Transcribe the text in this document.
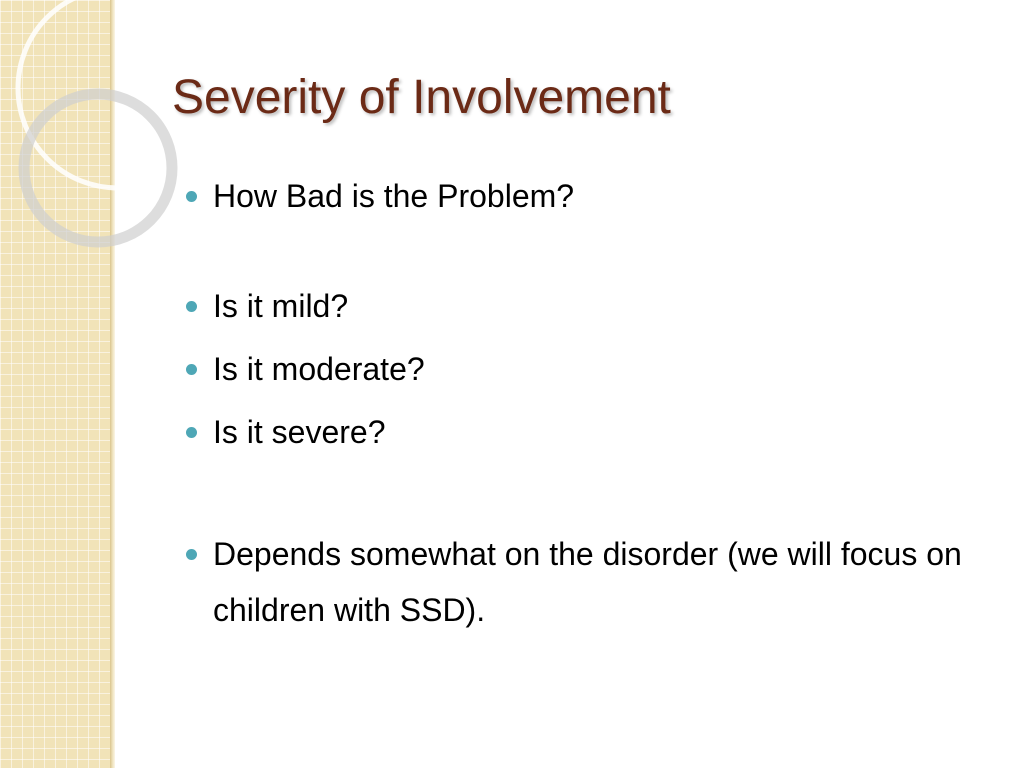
Severity of Involvement
How Bad is the Problem?
Is it mild?
Is it moderate?
Is it severe?
Depends somewhat on the disorder (we will focus on children with SSD).
